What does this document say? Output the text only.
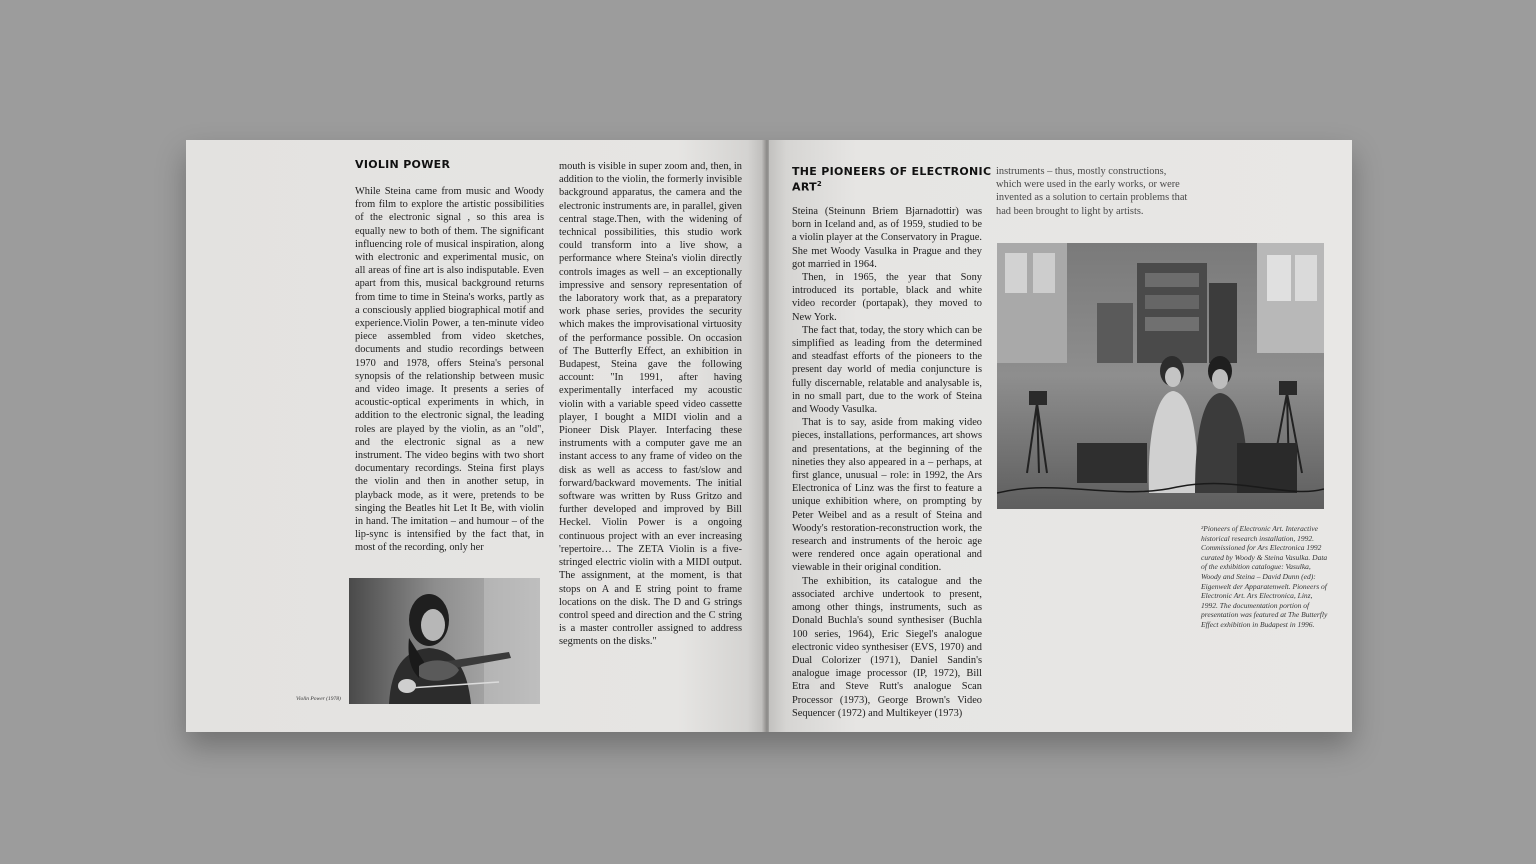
VIOLIN POWER

While Steina came from music and Woody from film to explore the artistic possibilities of the electronic signal , so this area is equally new to both of them. The significant influencing role of musical inspiration, along with electronic and experimental music, on all areas of fine art is also indisputable. Even apart from this, musical background returns from time to time in Steina's works, partly as a consciously applied biographical motif and experience.Violin Power, a ten-minute video piece assembled from video sketches, documents and studio recordings between 1970 and 1978, offers Steina's personal synopsis of the relationship between music and video image. It presents a series of acoustic-optical experiments in which, in addition to the electronic signal, the leading roles are played by the violin, as an "old", and the electronic signal as a new instrument. The video begins with two short documentary recordings. Steina first plays the violin and then in another setup, in playback mode, as it were, pretends to be singing the Beatles hit Let It Be, with violin in hand. The imitation – and humour – of the lip-sync is intensified by the fact that, in most of the recording, only her

mouth is visible in super zoom and, then, in addition to the violin, the formerly invisible background apparatus, the camera and the electronic instruments are, in parallel, given central stage.Then, with the widening of technical possibilities, this studio work could transform into a live show, a performance where Steina's violin directly controls images as well – an exceptionally impressive and sensory representation of the laboratory work that, as a preparatory work phase series, provides the security which makes the improvisational virtuosity of the performance possible. On occasion of The Butterfly Effect, an exhibition in Budapest, Steina gave the following account: "In 1991, after having experimentally interfaced my acoustic violin with a variable speed video cassette player, I bought a MIDI violin and a Pioneer Disk Player. Interfacing these instruments with a computer gave me an instant access to any frame of video on the disk as well as access to fast/slow and forward/backward movements. The initial software was written by Russ Gritzo and further developed and improved by Bill Heckel. Violin Power is a ongoing continuous project with an ever increasing 'repertoire… The ZETA Violin is a five-stringed electric violin with a MIDI output. The assignment, at the moment, is that stops on A and E string point to frame locations on the disk. The D and G strings control speed and direction and the C string is a master controller assigned to address segments on the disks."

Violin Power (1978)
THE PIONEERS OF ELECTRONIC ART$^2$

Steina (Steinunn Briem Bjarnadottir) was born in Iceland and, as of 1959, studied to be a violin player at the Conservatory in Prague. She met Woody Vasulka in Prague and they got married in 1964.

Then, in 1965, the year that Sony introduced its portable, black and white video recorder (portapak), they moved to New York.

The fact that, today, the story which can be simplified as leading from the determined and steadfast efforts of the pioneers to the present day world of media conjuncture is fully discernable, relatable and analysable is, in no small part, due to the work of Steina and Woody Vasulka.

That is to say, aside from making video pieces, installations, performances, art shows and presentations, at the beginning of the nineties they also appeared in a – perhaps, at first glance, unusual – role: in 1992, the Ars Electronica of Linz was the first to feature a unique exhibition where, on prompting by Peter Weibel and as a result of Steina and Woody's restoration-reconstruction work, the research and instruments of the heroic age were rendered once again operational and viewable in their original condition.

The exhibition, its catalogue and the associated archive undertook to present, among other things, instruments, such as Donald Buchla's sound synthesiser (Buchla 100 series, 1964), Eric Siegel's analogue electronic video synthesiser (EVS, 1970) and Dual Colorizer (1971), Daniel Sandin's analogue image processor (IP, 1972), Bill Etra and Steve Rutt's analogue Scan Processor (1973), George Brown's Video Sequencer (1972) and Multikeyer (1973)

instruments – thus, mostly constructions, which were used in the early works, or were invented as a solution to certain problems that had been brought to light by artists.

²Pioneers of Electronic Art. Interactive historical research installation, 1992. Commissioned for Ars Electronica 1992 curated by Woody & Steina Vasulka. Data of the exhibition catalogue: Vasulka, Woody and Steina – David Dunn (ed): Eigenwelt der Apparatenwelt. Pioneers of Electronic Art. Ars Electronica, Linz, 1992. The documentation portion of presentation was featured at The Butterfly Effect exhibition in Budapest in 1996.
